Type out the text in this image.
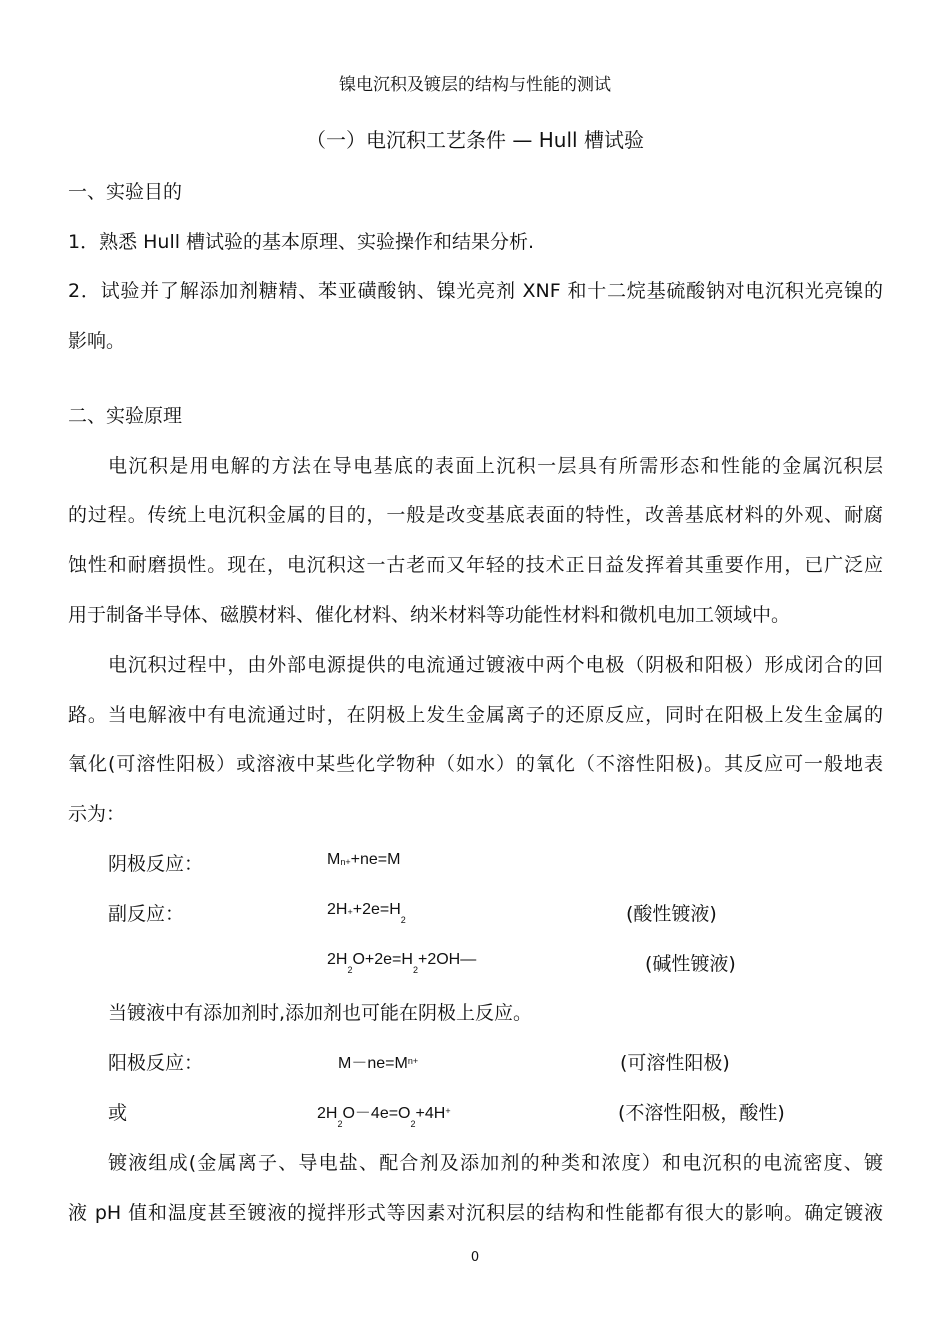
镍电沉积及镀层的结构与性能的测试
（一）电沉积工艺条件 — Hull 槽试验
一、实验目的
1．熟悉 Hull 槽试验的基本原理、实验操作和结果分析.
2．试验并了解添加剂糖精、苯亚磺酸钠、镍光亮剂 XNF 和十二烷基硫酸钠对电沉积光亮镍的
影响。
二、实验原理
电沉积是用电解的方法在导电基底的表面上沉积一层具有所需形态和性能的金属沉积层
的过程。传统上电沉积金属的目的，一般是改变基底表面的特性，改善基底材料的外观、耐腐
蚀性和耐磨损性。现在，电沉积这一古老而又年轻的技术正日益发挥着其重要作用，已广泛应
用于制备半导体、磁膜材料、催化材料、纳米材料等功能性材料和微机电加工领域中。
电沉积过程中，由外部电源提供的电流通过镀液中两个电极（阴极和阳极）形成闭合的回
路。当电解液中有电流通过时，在阴极上发生金属离子的还原反应，同时在阳极上发生金属的
氧化(可溶性阳极）或溶液中某些化学物种（如水）的氧化（不溶性阳极)。其反应可一般地表
示为：
阴极反应：	$M^{n+}+ne=M$
副反应：	$2H^++2e=H_2$	(酸性镀液)
$2H_2O+2e=H_2+2OH—$	(碱性镀液)
当镀液中有添加剂时,添加剂也可能在阴极上反应。
阳极反应：	$M-ne=M^{n+}$	(可溶性阳极)
或	$2H_2O-4e=O_2+4H^+$	(不溶性阳极，酸性)
镀液组成(金属离子、导电盐、配合剂及添加剂的种类和浓度）和电沉积的电流密度、镀
液 pH 值和温度甚至镀液的搅拌形式等因素对沉积层的结构和性能都有很大的影响。确定镀液
0
